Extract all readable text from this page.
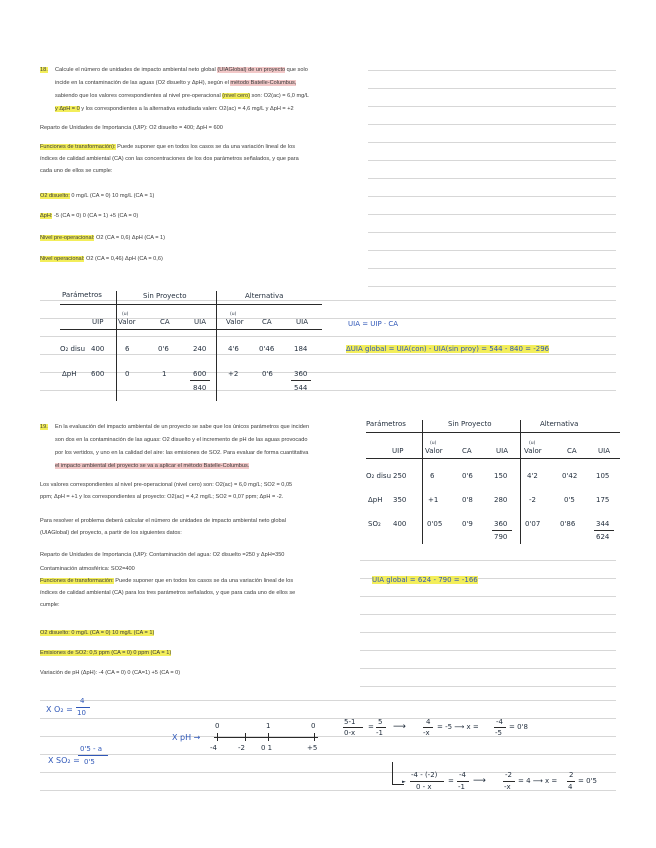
18. Calcule el número de unidades de impacto ambiental neto global (UIAGlobal) de un proyecto que solo
incide en la contaminación de las aguas (O2 disuelto y ΔpH), según el método Batelle-Columbus,
sabiendo que los valores correspondientes al nivel pre-operacional (nivel cero) son: O2(ac) = 6,0 mg/L
y ΔpH = 0 y los correspondientes a la alternativa estudiada valen: O2(ac) = 4,6 mg/L y ΔpH = +2
Reparto de Unidades de Importancia (UIP): O2 disuelto = 400; ΔpH = 600
Funciones de transformación): Puede suponer que en todos los casos se da una variación lineal de los
índices de calidad ambiental (CA) con las concentraciones de los dos parámetros señalados, y que para
cada uno de ellos se cumple:
O2 disuelto: 0 mg/L (CA = 0) 10 mg/L (CA = 1)
ΔpH: -5 (CA = 0) 0 (CA = 1) +5 (CA = 0)
Nivel pre-operacional: O2 (CA = 0,6) ΔpH (CA = 1)
Nivel operacional: O2 (CA = 0,46) ΔpH (CA = 0,6)
Parámetros	Sin Proyecto	Alternativa
UIP
(u)
Valor	CA	UIA
(u)
Valor	CA	UIA
O₂ disu 400	6	0'6	240	4'6	0'46	184
ΔpH 600	0	1	600	+2	0'6	360
840	544
UIA = UIP · CA
ΔUIA global = UIA(con) - UIA(sin proy) = 544 - 840 = -296
19. En la evaluación del impacto ambiental de un proyecto se sabe que los únicos parámetros que inciden
son dos en la contaminación de las aguas: O2 disuelto y el incremento de pH de las aguas provocado
por los vertidos, y uno en la calidad del aire: las emisiones de SO2. Para evaluar de forma cuantitativa
el impacto ambiental del proyecto se va a aplicar el método Batelle-Columbus.
Los valores correspondientes al nivel pre-operacional (nivel cero) son: O2(ac) = 6,0 mg/L; SO2 = 0,05
ppm; ΔpH = +1 y los correspondientes al proyecto: O2(ac) = 4,2 mg/L; SO2 = 0,07 ppm; ΔpH = -2.
Para resolver el problema deberá calcular el número de unidades de impacto ambiental neto global
(UIAGlobal) del proyecto, a partir de los siguientes datos:
Reparto de Unidades de Importancia (UIP): Contaminación del agua: O2 disuelto =250 y ΔpH=350
Contaminación atmosférica: SO2=400
Funciones de transformación: Puede suponer que en todos los casos se da una variación lineal de los
índices de calidad ambiental (CA) para los tres parámetros señalados, y que para cada uno de ellos se
cumple:
O2 disuelto: 0 mg/L (CA = 0) 10 mg/L (CA = 1)
Emisiones de SO2: 0,5 ppm (CA = 0) 0 ppm (CA = 1)
Variación de pH (ΔpH): -4 (CA = 0) 0 (CA=1) +5 (CA = 0)
Parámetros	Sin Proyecto	Alternativa
UIP
(u)
Valor	CA	UIA
(u)
Valor	CA	UIA
O₂ disu 250	6	0'6	150	4'2	0'42	105
ΔpH 350	+1	0'8	280	-2	0'5	175
SO₂ 400	0'05	0'9	360	0'07	0'86	344
790	624
UIA global = 624 - 790 = -166
X O₂ =
4
10
X SO₂ =
0'5 - a
0'5
X pH →
0	1	0
-4	-2 0 1	+5
5-1
0-x
=
5
-1
⟶	4
-x
= -5 ⟶ x =
-4
-5
= 0'8
►
-4 - (-2)
0 - x
=
-4
-1
⟶
-2
-x
= 4 ⟶ x =
2
4
= 0'5
